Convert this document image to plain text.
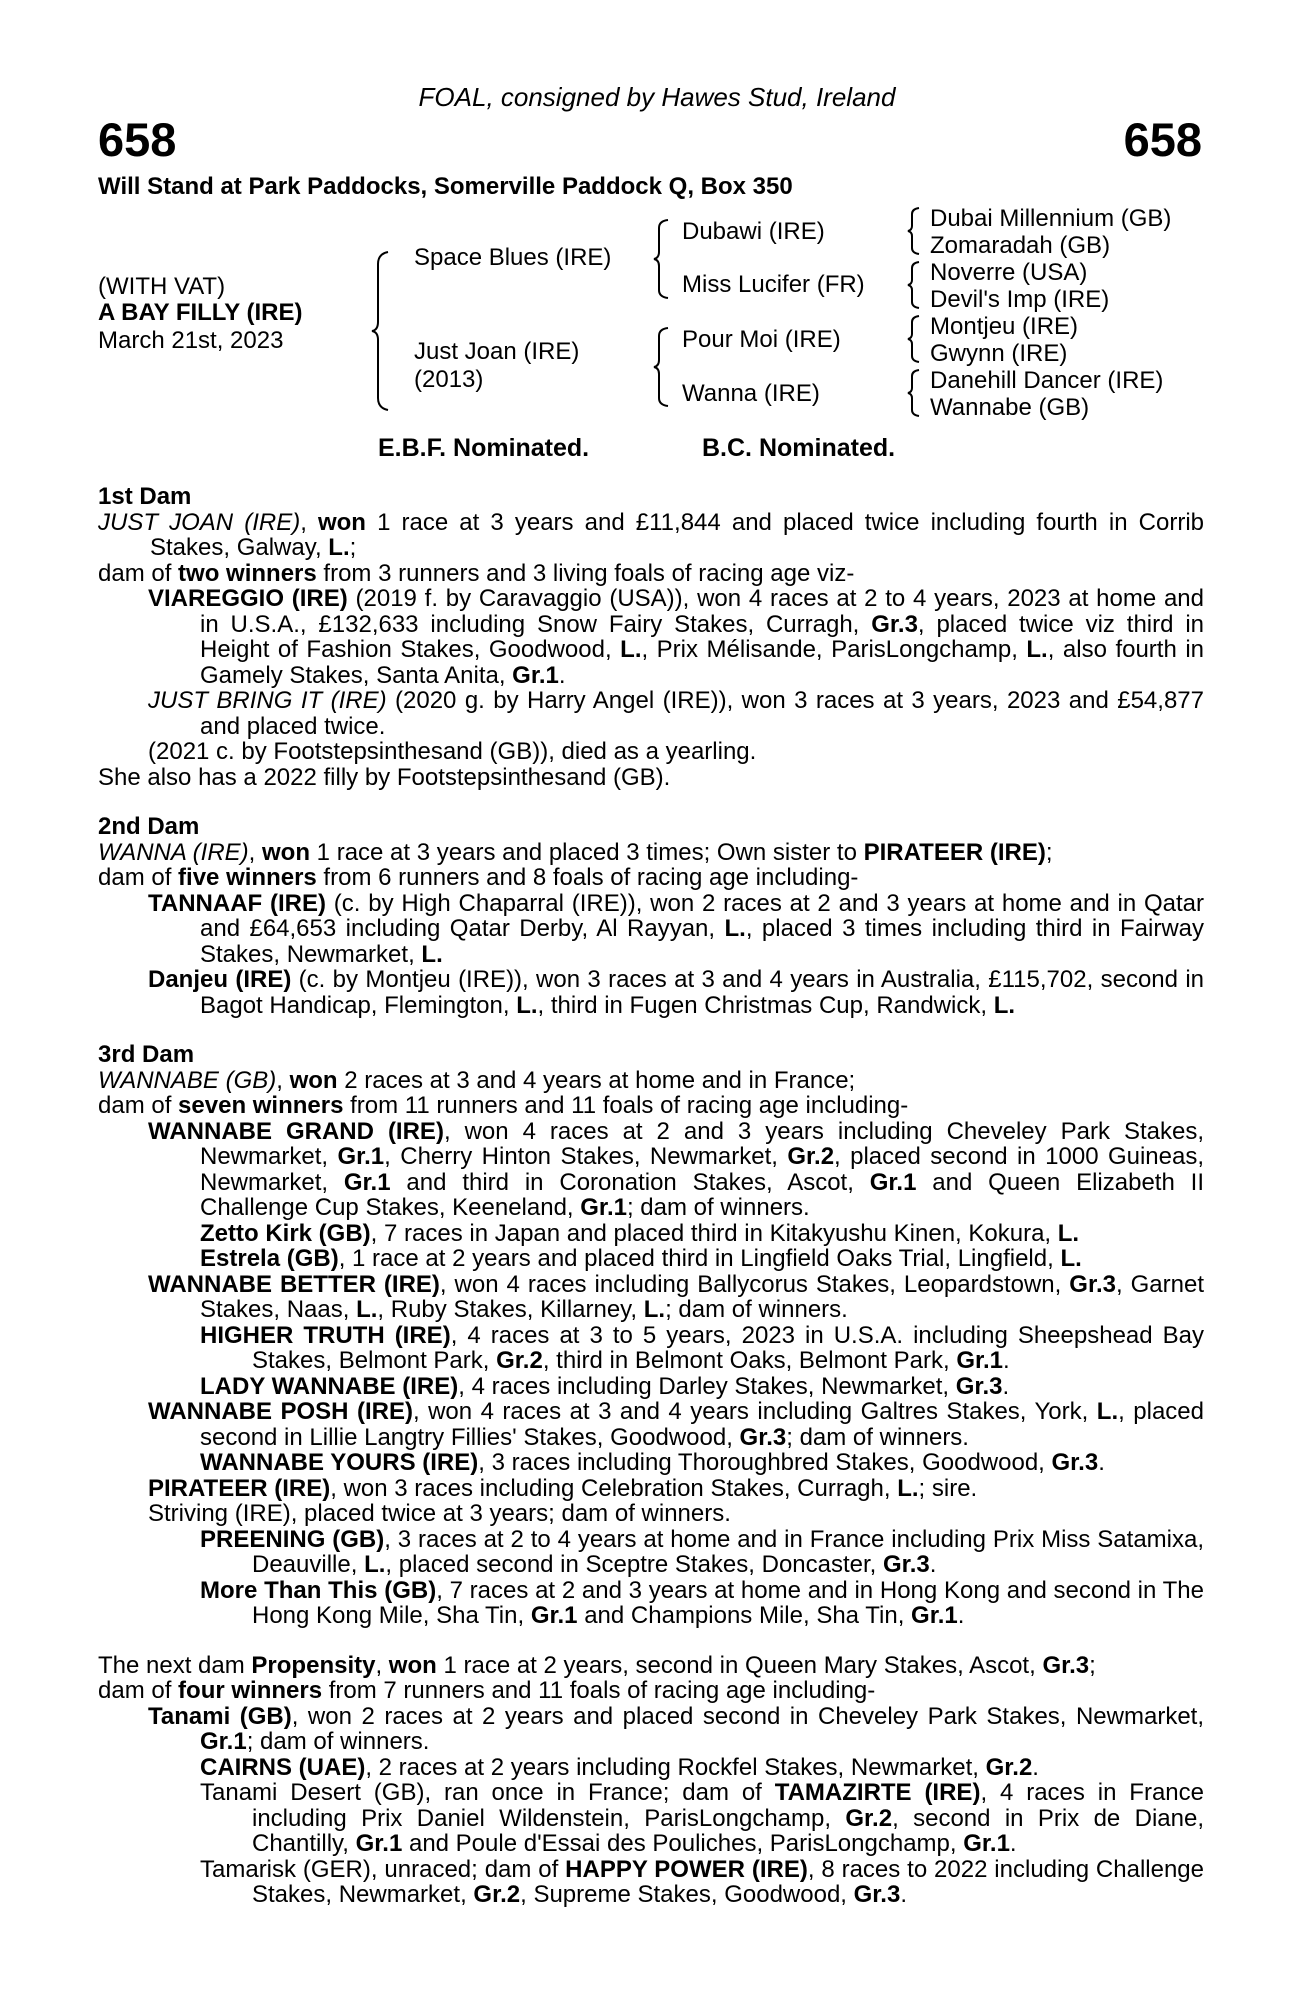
FOAL, consigned by Hawes Stud, Ireland
658	658
Will Stand at Park Paddocks, Somerville Paddock Q, Box 350
(WITH VAT)
A BAY FILLY (IRE)
March 21st, 2023
Space Blues (IRE)
Just Joan (IRE)
(2013)
Dubawi (IRE)
Miss Lucifer (FR)
Pour Moi (IRE)
Wanna (IRE)
Dubai Millennium (GB)
Zomaradah (GB)
Noverre (USA)
Devil's Imp (IRE)
Montjeu (IRE)
Gwynn (IRE)
Danehill Dancer (IRE)
Wannabe (GB)
E.B.F. Nominated.	B.C. Nominated.
1st Dam

JUST JOAN (IRE), won 1 race at 3 years and £11,844 and placed twice including fourth in Corrib Stakes, Galway, L.;

dam of two winners from 3 runners and 3 living foals of racing age viz-

VIAREGGIO (IRE) (2019 f. by Caravaggio (USA)), won 4 races at 2 to 4 years, 2023 at home and in U.S.A., £132,633 including Snow Fairy Stakes, Curragh, Gr.3, placed twice viz third in Height of Fashion Stakes, Goodwood, L., Prix Mélisande, ParisLongchamp, L., also fourth in Gamely Stakes, Santa Anita, Gr.1.
JUST BRING IT (IRE) (2020 g. by Harry Angel (IRE)), won 3 races at 3 years, 2023 and £54,877 and placed twice.
(2021 c. by Footstepsinthesand (GB)), died as a yearling.

She also has a 2022 filly by Footstepsinthesand (GB).

2nd Dam

WANNA (IRE), won 1 race at 3 years and placed 3 times; Own sister to PIRATEER (IRE);

dam of five winners from 6 runners and 8 foals of racing age including-

TANNAAF (IRE) (c. by High Chaparral (IRE)), won 2 races at 2 and 3 years at home and in Qatar and £64,653 including Qatar Derby, Al Rayyan, L., placed 3 times including third in Fairway Stakes, Newmarket, L.
Danjeu (IRE) (c. by Montjeu (IRE)), won 3 races at 3 and 4 years in Australia, £115,702, second in Bagot Handicap, Flemington, L., third in Fugen Christmas Cup, Randwick, L.
3rd Dam

WANNABE (GB), won 2 races at 3 and 4 years at home and in France;

dam of seven winners from 11 runners and 11 foals of racing age including-

WANNABE GRAND (IRE), won 4 races at 2 and 3 years including Cheveley Park Stakes, Newmarket, Gr.1, Cherry Hinton Stakes, Newmarket, Gr.2, placed second in 1000 Guineas, Newmarket, Gr.1 and third in Coronation Stakes, Ascot, Gr.1 and Queen Elizabeth II Challenge Cup Stakes, Keeneland, Gr.1; dam of winners.
Zetto Kirk (GB), 7 races in Japan and placed third in Kitakyushu Kinen, Kokura, L.
Estrela (GB), 1 race at 2 years and placed third in Lingfield Oaks Trial, Lingfield, L.
WANNABE BETTER (IRE), won 4 races including Ballycorus Stakes, Leopardstown, Gr.3, Garnet Stakes, Naas, L., Ruby Stakes, Killarney, L.; dam of winners.
HIGHER TRUTH (IRE), 4 races at 3 to 5 years, 2023 in U.S.A. including Sheepshead Bay Stakes, Belmont Park, Gr.2, third in Belmont Oaks, Belmont Park, Gr.1.
LADY WANNABE (IRE), 4 races including Darley Stakes, Newmarket, Gr.3.
WANNABE POSH (IRE), won 4 races at 3 and 4 years including Galtres Stakes, York, L., placed second in Lillie Langtry Fillies' Stakes, Goodwood, Gr.3; dam of winners.
WANNABE YOURS (IRE), 3 races including Thoroughbred Stakes, Goodwood, Gr.3.
PIRATEER (IRE), won 3 races including Celebration Stakes, Curragh, L.; sire.
Striving (IRE), placed twice at 3 years; dam of winners.
PREENING (GB), 3 races at 2 to 4 years at home and in France including Prix Miss Satamixa, Deauville, L., placed second in Sceptre Stakes, Doncaster, Gr.3.
More Than This (GB), 7 races at 2 and 3 years at home and in Hong Kong and second in The Hong Kong Mile, Sha Tin, Gr.1 and Champions Mile, Sha Tin, Gr.1.

The next dam Propensity, won 1 race at 2 years, second in Queen Mary Stakes, Ascot, Gr.3;

dam of four winners from 7 runners and 11 foals of racing age including-

Tanami (GB), won 2 races at 2 years and placed second in Cheveley Park Stakes, Newmarket, Gr.1; dam of winners.
CAIRNS (UAE), 2 races at 2 years including Rockfel Stakes, Newmarket, Gr.2.
Tanami Desert (GB), ran once in France; dam of TAMAZIRTE (IRE), 4 races in France including Prix Daniel Wildenstein, ParisLongchamp, Gr.2, second in Prix de Diane, Chantilly, Gr.1 and Poule d'Essai des Pouliches, ParisLongchamp, Gr.1.
Tamarisk (GER), unraced; dam of HAPPY POWER (IRE), 8 races to 2022 including Challenge Stakes, Newmarket, Gr.2, Supreme Stakes, Goodwood, Gr.3.
